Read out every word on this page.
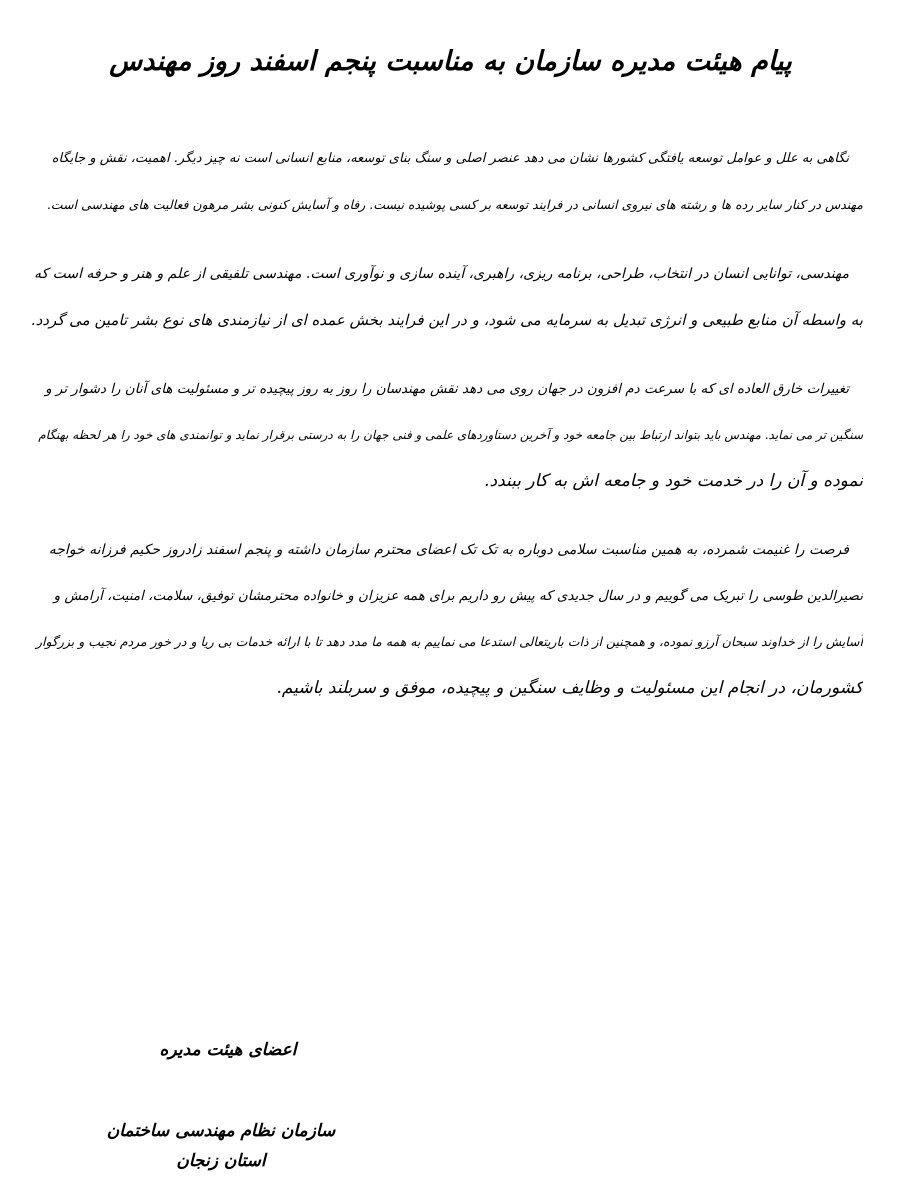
پیام هیئت مدیره سازمان به مناسبت پنجم اسفند روز مهندس

نگاهی به علل و عوامل توسعه یافتگی کشورها نشان می دهد عنصر اصلی و سنگ بنای توسعه، منابع انسانی است نه چیز دیگر. اهمیت، نقش و جایگاه
مهندس در کنار سایر رده ها و رشته های نیروی انسانی در فرایند توسعه بر کسی پوشیده نیست. رفاه و آسایش کنونی بشر مرهون فعالیت های مهندسی است.

مهندسی، توانایی انسان در انتخاب، طراحی، برنامه ریزی، راهبری، آینده سازی و نوآوری است. مهندسی تلفیقی از علم و هنر و حرفه است که
به واسطه آن منابع طبیعی و انرژی تبدیل به سرمایه می شود، و در این فرایند بخش عمده ای از نیازمندی های نوع بشر تامین می گردد.

تغییرات خارق العاده ای که با سرعت دم افزون در جهان روی می دهد نقش مهندسان را روز به روز پیچیده تر و مسئولیت های آنان را دشوار تر و
سنگین تر می نماید. مهندس باید بتواند ارتباط بین جامعه خود و آخرین دستاوردهای علمی و فنی جهان را به درستی برقرار نماید و توانمندی های خود را هر لحظه بهنگام
نموده و آن را در خدمت خود و جامعه اش به کار ببندد.

فرصت را غنیمت شمرده، به همین مناسبت سلامی دوباره به تک تک اعضای محترم سازمان داشته و پنجم اسفند زادروز حکیم فرزانه خواجه
نصیرالدین طوسی را تبریک می گوییم و در سال جدیدی که پیش رو داریم برای همه عزیزان و خانواده محترمشان توفیق، سلامت، امنیت، آرامش و
آسایش را از خداوند سبحان آرزو نموده، و همچنین از ذات باریتعالی استدعا می نماییم به همه ما مدد دهد تا با ارائه خدمات بی ریا و در خور مردم نجیب و بزرگوار
کشورمان، در انجام این مسئولیت و وظایف سنگین و پیچیده، موفق و سربلند باشیم.

اعضای هیئت مدیره

سازمان نظام مهندسی ساختمان استان زنجان
